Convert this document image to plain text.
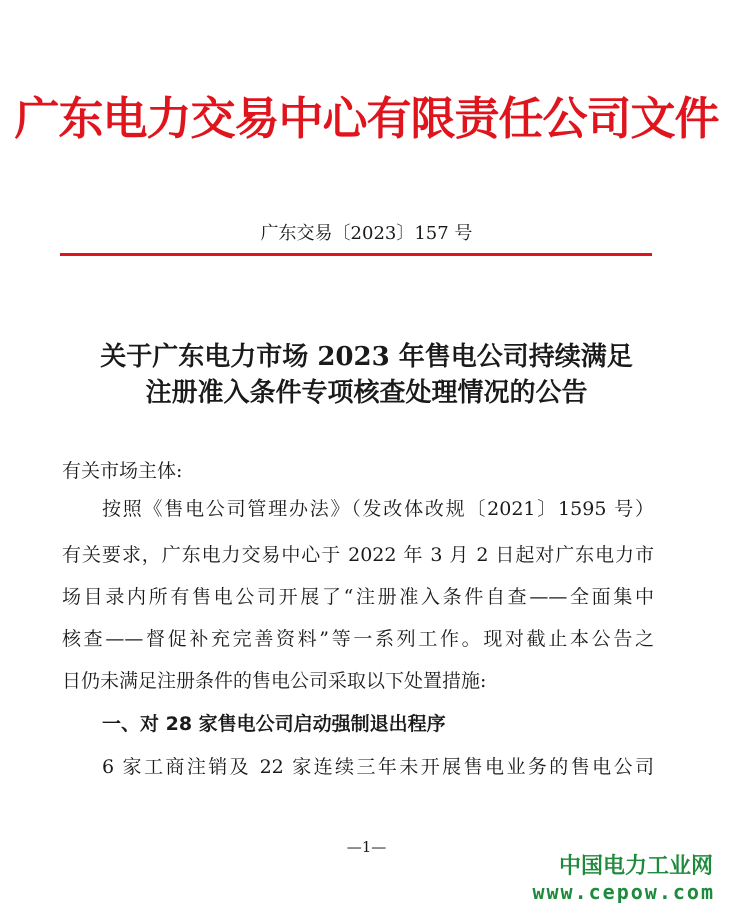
广东电力交易中心有限责任公司文件
广东交易〔2023〕157 号
关于广东电力市场 2023 年售电公司持续满足
注册准入条件专项核查处理情况的公告
有关市场主体:
按照《售电公司管理办法》（发改体改规〔2021〕1595 号）
有关要求，广东电力交易中心于 2022 年 3 月 2 日起对广东电力市
场目录内所有售电公司开展了“注册准入条件自查——全面集中
核查——督促补充完善资料”等一系列工作。现对截止本公告之
日仍未满足注册条件的售电公司采取以下处置措施:
一、对 28 家售电公司启动强制退出程序
6 家工商注销及 22 家连续三年未开展售电业务的售电公司
—1—
中国电力工业网
www.cepow.com
